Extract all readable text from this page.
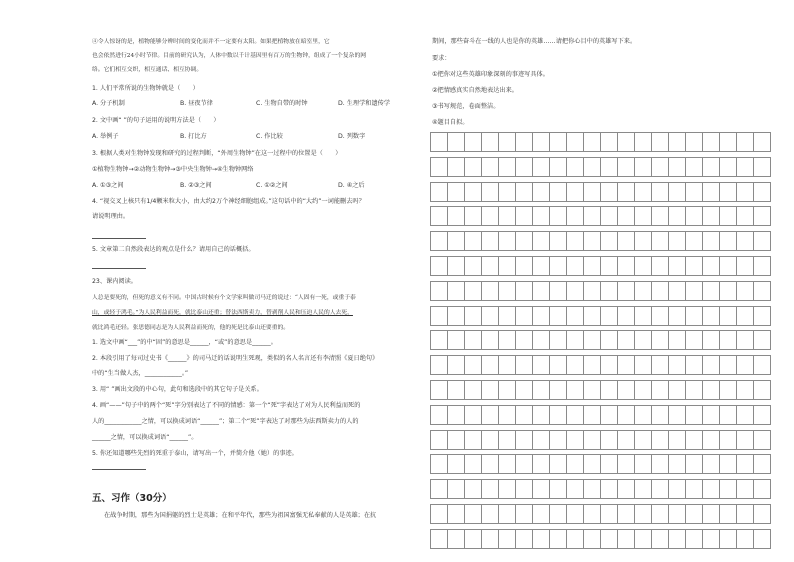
④令人惊讶的是，植物能够分辨时间的变化而并不一定要有太阳。如果把植物放在暗室里，它
也会依然进行24小时节律。目前的研究认为，人体中数以千计基因里有百万的生物钟，组成了一个复杂的网
络。它们相互交织，相互通话、相互协调。
1. 人们平常所说的生物钟就是（　　）
A. 分子机制	B. 昼夜节律	C. 生物自带的时钟	D. 生理学和遗传学
2. 文中画“ ”的句子运用的说明方法是（　　）
A. 举例子	B. 打比方	C. 作比较	D. 列数字
3. 根据人类对生物钟发现和研究的过程判断，“外周生物钟”在这一过程中的位置是（　　）
①植物生物钟→②动物生物钟→③中央生物钟→④生物钟网络
A. ①③之间	B. ②③之间	C. ①②之间	D. ④之后
4. “视交叉上核只有1/4颗米粒大小，由大约2万个神经细胞组成。”这句话中的“大约”一词能删去吗？
请说明理由。
5. 文章第二自然段表达的观点是什么？请用自己的话概括。
23、课内阅读。
人总是要死的，但死的意义有不同。中国古时候有个文学家叫做司马迁的说过：“人固有一死，或重于泰
山，或轻于鸿毛。”为人民利益而死，就比泰山还重；替法西斯卖力，替剥削人民和压迫人民的人去死，
就比鸿毛还轻。张思德同志是为人民利益而死的，他的死是比泰山还要重的。
1. 选文中画“___”的中“固”的意思是______，“或”的意思是______。
2. 本段引用了每司过史书《______》的司马迁的话说明生死观，类似的名人名言还有李清照《夏日绝句》
中的“生当做人杰，____________。”
3. 用“ ”画出文段的中心句，此句和选段中的其它句子是关系。
4. 画“——”句子中的两个“死”字分别表达了不同的情感：第一个“死”字表达了对为人民利益而死的
人的____________之情，可以换成词语“______”；第二个“死”字表达了对那些为法西斯卖力的人的
______之情，可以换成词语“______”。
5. 你还知道哪些先烈的死重于泰山，请写出一个，并简介他（她）的事迹。
五、习作（30分）
在战争时期，那些为国捐躯的烈士是英雄；在和平年代，那些为祖国富强无私奉献的人是英雄；在抗
期间，那些奋斗在一线的人也是你的英雄……请把你心目中的英雄写下来。
要求：
①把你对这些英雄印象深刻的事迹写具体。
②把情感真实自然地表达出来。
③书写规范，卷面整洁。
④题目自拟。
